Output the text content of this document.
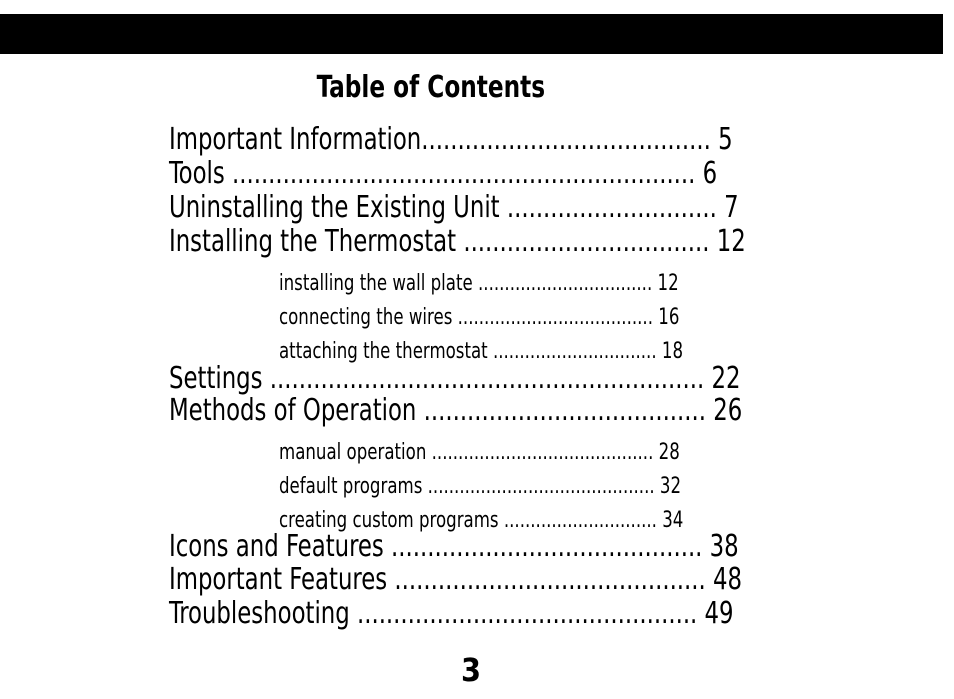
Table of Contents
Important Information........................................ 5
Tools ................................................................ 6
Uninstalling the Existing Unit ............................. 7
Installing the Thermostat .................................. 12
installing the wall plate ................................. 12
connecting the wires ..................................... 16
attaching the thermostat ............................... 18
Settings ............................................................ 22
Methods of Operation ....................................... 26
manual operation .......................................... 28
default programs ........................................... 32
creating custom programs ............................. 34
Icons and Features ........................................... 38
Important Features ........................................... 48
Troubleshooting ............................................... 49
3
